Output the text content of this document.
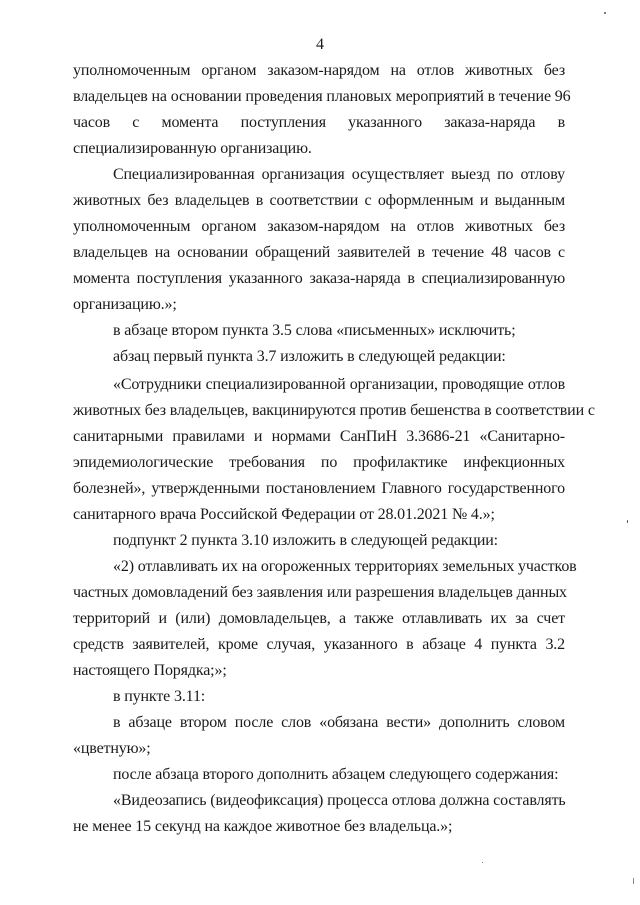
4
уполномоченным органом заказом-нарядом на отлов животных без
владельцев на основании проведения плановых мероприятий в течение 96
часов с момента поступления указанного заказа-наряда в
специализированную организацию.
Специализированная организация осуществляет выезд по отлову
животных без владельцев в соответствии с оформленным и выданным
уполномоченным органом заказом-нарядом на отлов животных без
владельцев на основании обращений заявителей в течение 48 часов с
момента поступления указанного заказа-наряда в специализированную
организацию.»;
в абзаце втором пункта 3.5 слова «письменных» исключить;
абзац первый пункта 3.7 изложить в следующей редакции:
«Сотрудники специализированной организации, проводящие отлов
животных без владельцев, вакцинируются против бешенства в соответствии с
санитарными правилами и нормами СанПиН 3.3686-21 «Санитарно-
эпидемиологические требования по профилактике инфекционных
болезней», утвержденными постановлением Главного государственного
санитарного врача Российской Федерации от 28.01.2021 № 4.»;
подпункт 2 пункта 3.10 изложить в следующей редакции:
«2) отлавливать их на огороженных территориях земельных участков
частных домовладений без заявления или разрешения владельцев данных
территорий и (или) домовладельцев, а также отлавливать их за счет
средств заявителей, кроме случая, указанного в абзаце 4 пункта 3.2
настоящего Порядка;»;
в пункте 3.11:
в абзаце втором после слов «обязана вести» дополнить словом
«цветную»;
после абзаца второго дополнить абзацем следующего содержания:
«Видеозапись (видеофиксация) процесса отлова должна составлять
не менее 15 секунд на каждое животное без владельца.»;
